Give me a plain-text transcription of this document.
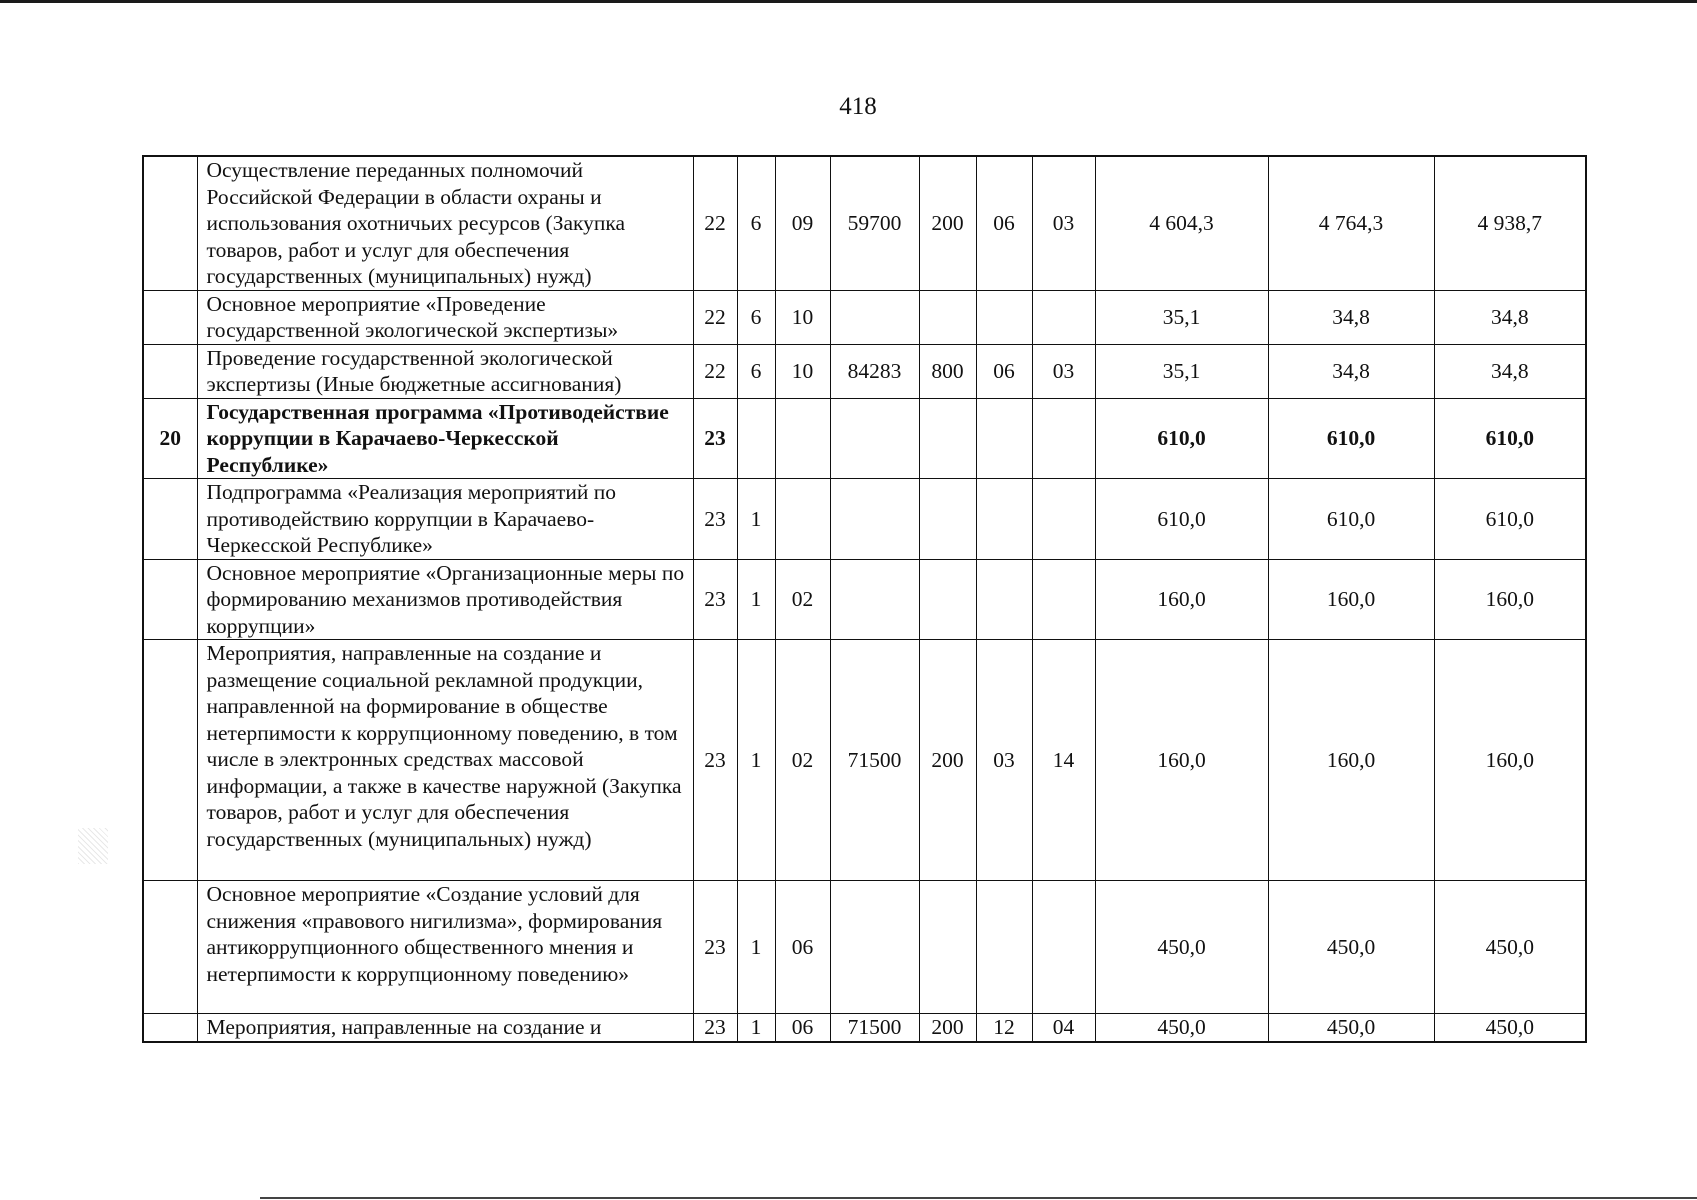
418
	Осуществление переданных полномочий Российской Федерации в области охраны и использования охотничьих ресурсов (Закупка товаров, работ и услуг для обеспечения государственных (муниципальных) нужд)	22	6	09	59700	200	06	03	4 604,3	4 764,3	4 938,7
	Основное мероприятие «Проведение государственной экологической экспертизы»	22	6	10					35,1	34,8	34,8
	Проведение государственной экологической экспертизы (Иные бюджетные ассигнования)	22	6	10	84283	800	06	03	35,1	34,8	34,8
20	Государственная программа «Противодействие коррупции в Карачаево-Черкесской Республике»	23							610,0	610,0	610,0
	Подпрограмма «Реализация мероприятий по противодействию коррупции в Карачаево-Черкесской Республике»	23	1						610,0	610,0	610,0
	Основное мероприятие «Организационные меры по формированию механизмов противодействия коррупции»	23	1	02					160,0	160,0	160,0
	Мероприятия, направленные на создание и размещение социальной рекламной продукции, направленной на формирование в обществе нетерпимости к коррупционному поведению, в том числе в электронных средствах массовой информации, а также в качестве наружной (Закупка товаров, работ и услуг для обеспечения государственных (муниципальных) нужд)	23	1	02	71500	200	03	14	160,0	160,0	160,0
	Основное мероприятие «Создание условий для снижения «правового нигилизма», формирования антикоррупционного общественного мнения и нетерпимости к коррупционному поведению»	23	1	06					450,0	450,0	450,0
	Мероприятия, направленные на создание и	23	1	06	71500	200	12	04	450,0	450,0	450,0
